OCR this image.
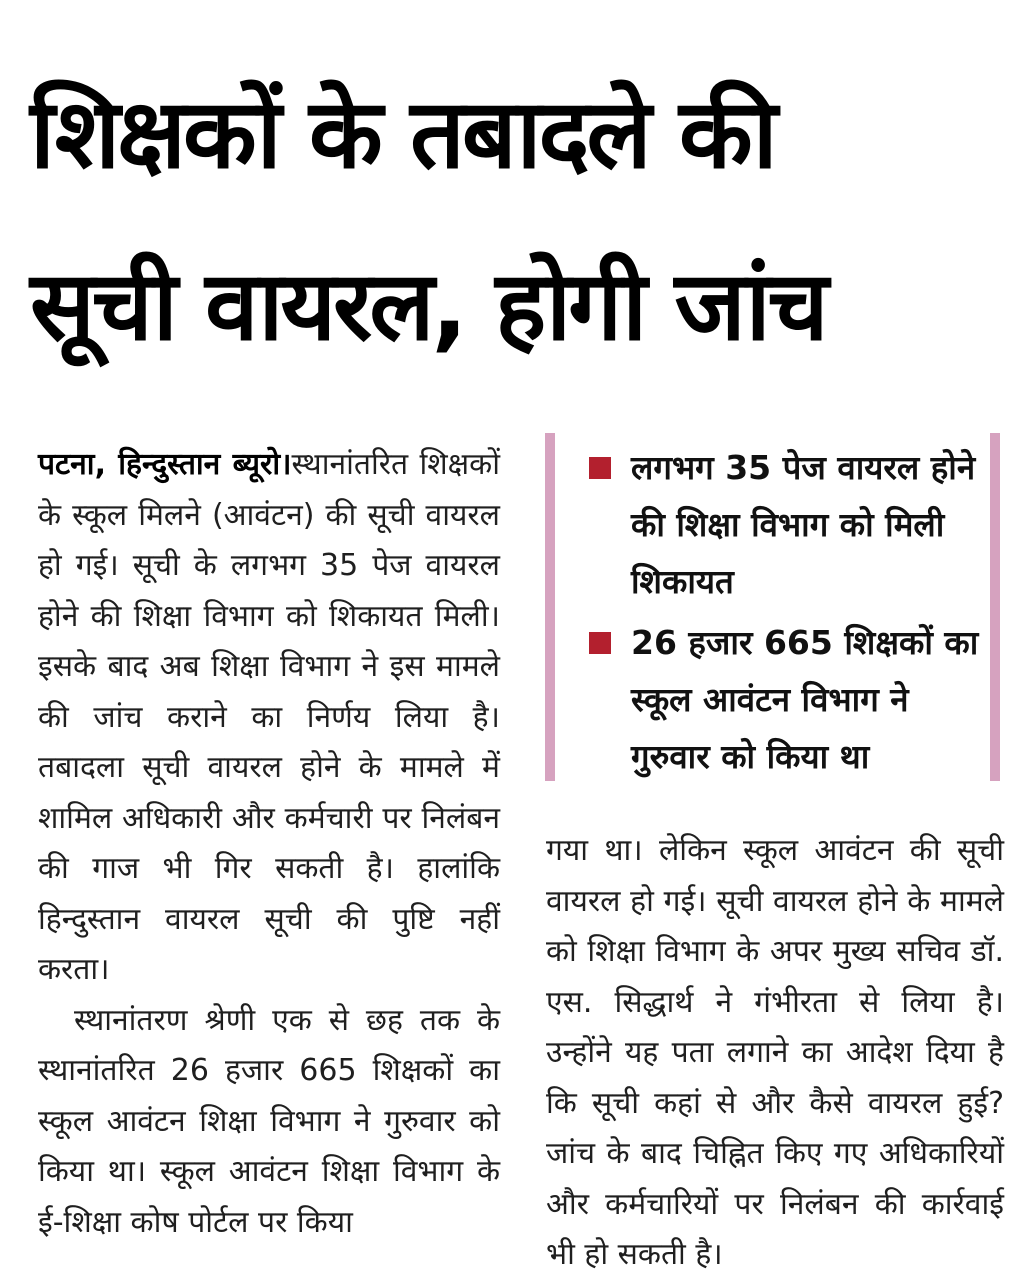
शिक्षकों के तबादले की
सूची वायरल, होगी जांच

पटना, हिन्दुस्तान ब्यूरो।स्थानांतरित शिक्षकों के स्कूल मिलने (आवंटन) की सूची वायरल हो गई। सूची के लगभग 35 पेज वायरल होने की शिक्षा विभाग को शिकायत मिली। इसके बाद अब शिक्षा विभाग ने इस मामले की जांच कराने का निर्णय लिया है। तबादला सूची वायरल होने के मामले में शामिल अधिकारी और कर्मचारी पर निलंबन की गाज भी गिर सकती है। हालांकि हिन्दुस्तान वायरल सूची की पुष्टि नहीं करता।

स्थानांतरण श्रेणी एक से छह तक के स्थानांतरित 26 हजार 665 शिक्षकों का स्कूल आवंटन शिक्षा विभाग ने गुरुवार को किया था। स्कूल आवंटन शिक्षा विभाग के ई-शिक्षा कोष पोर्टल पर किया

लगभग 35 पेज वायरल होने की शिक्षा विभाग को मिली शिकायत
26 हजार 665 शिक्षकों का स्कूल आवंटन विभाग ने गुरुवार को किया था

गया था। लेकिन स्कूल आवंटन की सूची वायरल हो गई। सूची वायरल होने के मामले को शिक्षा विभाग के अपर मुख्य सचिव डॉ. एस. सिद्धार्थ ने गंभीरता से लिया है। उन्होंने यह पता लगाने का आदेश दिया है कि सूची कहां से और कैसे वायरल हुई? जांच के बाद चिह्नित किए गए अधिकारियों और कर्मचारियों पर निलंबन की कार्रवाई भी हो सकती है।
